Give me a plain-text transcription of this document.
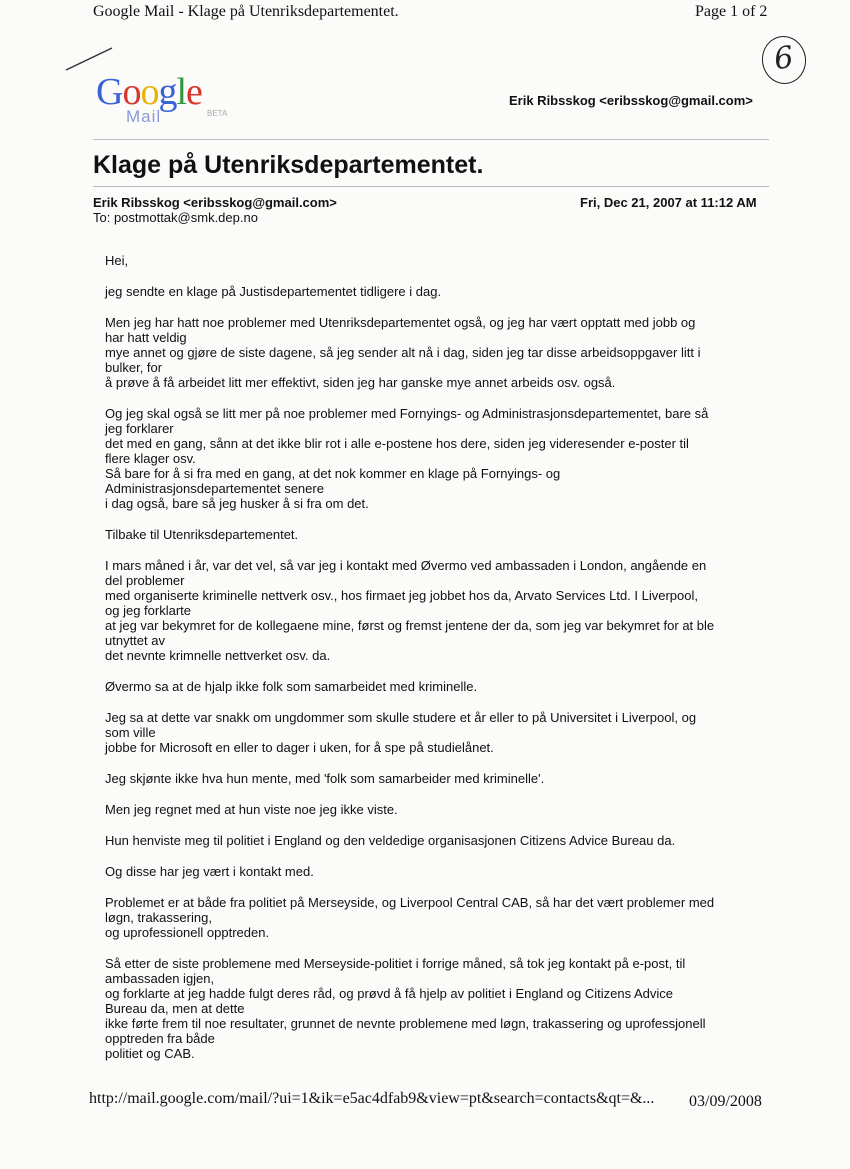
Google Mail - Klage på Utenriksdepartementet.	Page 1 of 2
6
Google
Mail	BETA
Erik Ribsskog <eribsskog@gmail.com>
Klage på Utenriksdepartementet.
Erik Ribsskog <eribsskog@gmail.com>	Fri, Dec 21, 2007 at 11:12 AM
To: postmottak@smk.dep.no
Hei,
jeg sendte en klage på Justisdepartementet tidligere i dag.
Men jeg har hatt noe problemer med Utenriksdepartementet også, og jeg har vært opptatt med jobb og
har hatt veldig
mye annet og gjøre de siste dagene, så jeg sender alt nå i dag, siden jeg tar disse arbeidsoppgaver litt i
bulker, for
å prøve å få arbeidet litt mer effektivt, siden jeg har ganske mye annet arbeids osv. også.
Og jeg skal også se litt mer på noe problemer med Fornyings- og Administrasjonsdepartementet, bare så
jeg forklarer
det med en gang, sånn at det ikke blir rot i alle e-postene hos dere, siden jeg videresender e-poster til
flere klager osv.
Så bare for å si fra med en gang, at det nok kommer en klage på Fornyings- og
Administrasjonsdepartementet senere
i dag også, bare så jeg husker å si fra om det.
Tilbake til Utenriksdepartementet.
I mars måned i år, var det vel, så var jeg i kontakt med Øvermo ved ambassaden i London, angående en
del problemer
med organiserte kriminelle nettverk osv., hos firmaet jeg jobbet hos da, Arvato Services Ltd. I Liverpool,
og jeg forklarte
at jeg var bekymret for de kollegaene mine, først og fremst jentene der da, som jeg var bekymret for at ble
utnyttet av
det nevnte krimnelle nettverket osv. da.
Øvermo sa at de hjalp ikke folk som samarbeidet med kriminelle.
Jeg sa at dette var snakk om ungdommer som skulle studere et år eller to på Universitet i Liverpool, og
som ville
jobbe for Microsoft en eller to dager i uken, for å spe på studielånet.
Jeg skjønte ikke hva hun mente, med 'folk som samarbeider med kriminelle'.
Men jeg regnet med at hun viste noe jeg ikke viste.
Hun henviste meg til politiet i England og den veldedige organisasjonen Citizens Advice Bureau da.
Og disse har jeg vært i kontakt med.
Problemet er at både fra politiet på Merseyside, og Liverpool Central CAB, så har det vært problemer med
løgn, trakassering,
og uprofessionell opptreden.
Så etter de siste problemene med Merseyside-politiet i forrige måned, så tok jeg kontakt på e-post, til
ambassaden igjen,
og forklarte at jeg hadde fulgt deres råd, og prøvd å få hjelp av politiet i England og Citizens Advice
Bureau da, men at dette
ikke førte frem til noe resultater, grunnet de nevnte problemene med løgn, trakassering og uprofessjonell
opptreden fra både
politiet og CAB.
http://mail.google.com/mail/?ui=1&ik=e5ac4dfab9&view=pt&search=contacts&qt=&... 03/09/2008
